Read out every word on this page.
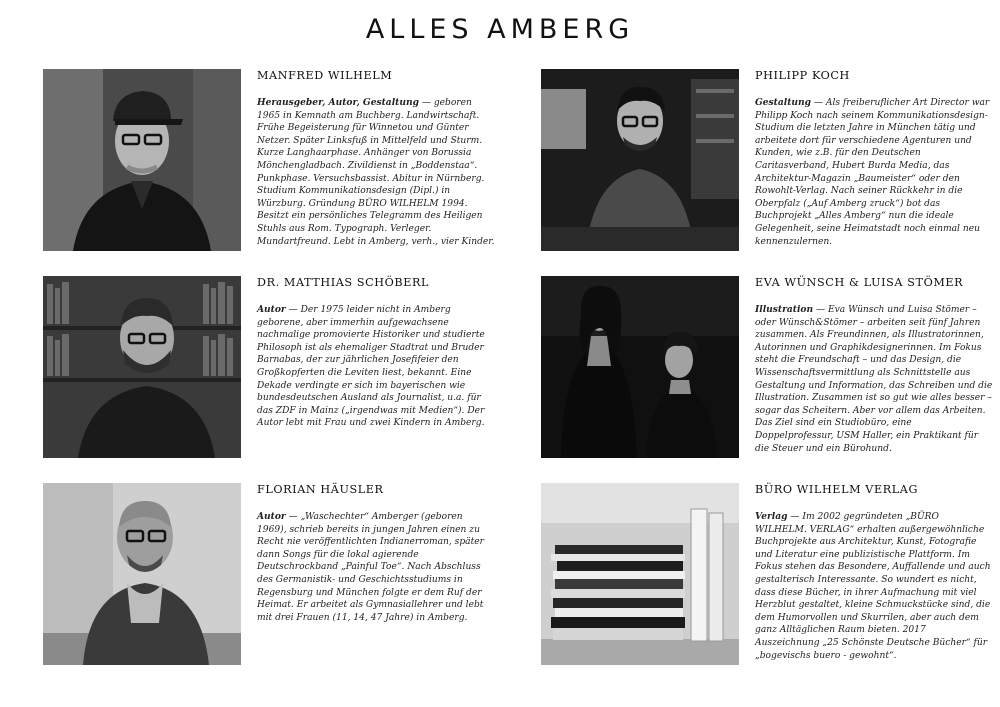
ALLES AMBERG
MANFRED WILHELM

Herausgeber, Autor, Gestaltung — geboren 1965 in Kemnath am Buchberg. Landwirtschaft. Frühe Begeisterung für Winnetou und Günter Netzer. Später Linksfuß in Mittelfeld und Sturm. Kurze Langhaarphase. Anhänger von Borussia Mönchengladbach. Zivildienst in „Boddenstaa“. Punkphase. Versuchsbassist. Abitur in Nürnberg. Studium Kommunikationsdesign (Dipl.) in Würzburg. Gründung BÜRO WILHELM 1994. Besitzt ein persönliches Telegramm des Heiligen Stuhls aus Rom. Typograph. Verleger. Mundartfreund. Lebt in Amberg, verh., vier Kinder.

PHILIPP KOCH

Gestaltung — Als freiberuflicher Art Director war Philipp Koch nach seinem Kommunikationsdesign-Studium die letzten Jahre in München tätig und arbeitete dort für verschiedene Agenturen und Kunden, wie z.B. für den Deutschen Caritasverband, Hubert Burda Media, das Architektur-Magazin „Baumeister“ oder den Rowohlt-Verlag. Nach seiner Rückkehr in die Oberpfalz („Auf Amberg zruck“) bot das Buchprojekt „Alles Amberg“ nun die ideale Gelegenheit, seine Heimatstadt noch einmal neu kennenzulernen.

DR. MATTHIAS SCHÖBERL

Autor — Der 1975 leider nicht in Amberg geborene, aber immerhin aufgewachsene nachmalige promovierte Historiker und studierte Philosoph ist als ehemaliger Stadtrat und Bruder Barnabas, der zur jährlichen Josefifeier den Großkopferten die Leviten liest, bekannt. Eine Dekade verdingte er sich im bayerischen wie bundesdeutschen Ausland als Journalist, u.a. für das ZDF in Mainz („irgendwas mit Medien“). Der Autor lebt mit Frau und zwei Kindern in Amberg.

EVA WÜNSCH & LUISA STÖMER

Illustration — Eva Wünsch und Luisa Stömer – oder Wünsch&Stömer – arbeiten seit fünf Jahren zusammen. Als Freundinnen, als Illustratorinnen, Autorinnen und Graphikdesignerinnen. Im Fokus steht die Freundschaft – und das Design, die Wissenschaftsvermittlung als Schnittstelle aus Gestaltung und Information, das Schreiben und die Illustration. Zusammen ist so gut wie alles besser – sogar das Scheitern. Aber vor allem das Arbeiten. Das Ziel sind ein Studiobüro, eine Doppelprofessur, USM Haller, ein Praktikant für die Steuer und ein Bürohund.

FLORIAN HÄUSLER

Autor — „Waschechter“ Amberger (geboren 1969), schrieb bereits in jungen Jahren einen zu Recht nie veröffentlichten Indianerroman, später dann Songs für die lokal agierende Deutschrockband „Painful Toe“. Nach Abschluss des Germanistik- und Geschichtsstudiums in Regensburg und München folgte er dem Ruf der Heimat. Er arbeitet als Gymnasiallehrer und lebt mit drei Frauen (11, 14, 47 Jahre) in Amberg.

BÜRO WILHELM VERLAG

Verlag — Im 2002 gegründeten „BÜRO WILHELM. VERLAG“ erhalten außergewöhnliche Buchprojekte aus Architektur, Kunst, Fotografie und Literatur eine publizistische Plattform. Im Fokus stehen das Besondere, Auffallende und auch gestalterisch Interessante. So wundert es nicht, dass diese Bücher, in ihrer Aufmachung mit viel Herzblut gestaltet, kleine Schmuckstücke sind, die dem Humorvollen und Skurrilen, aber auch dem ganz Alltäglichen Raum bieten. 2017 Auszeichnung „25 Schönste Deutsche Bücher“ für „bogevischs buero - gewohnt“.
